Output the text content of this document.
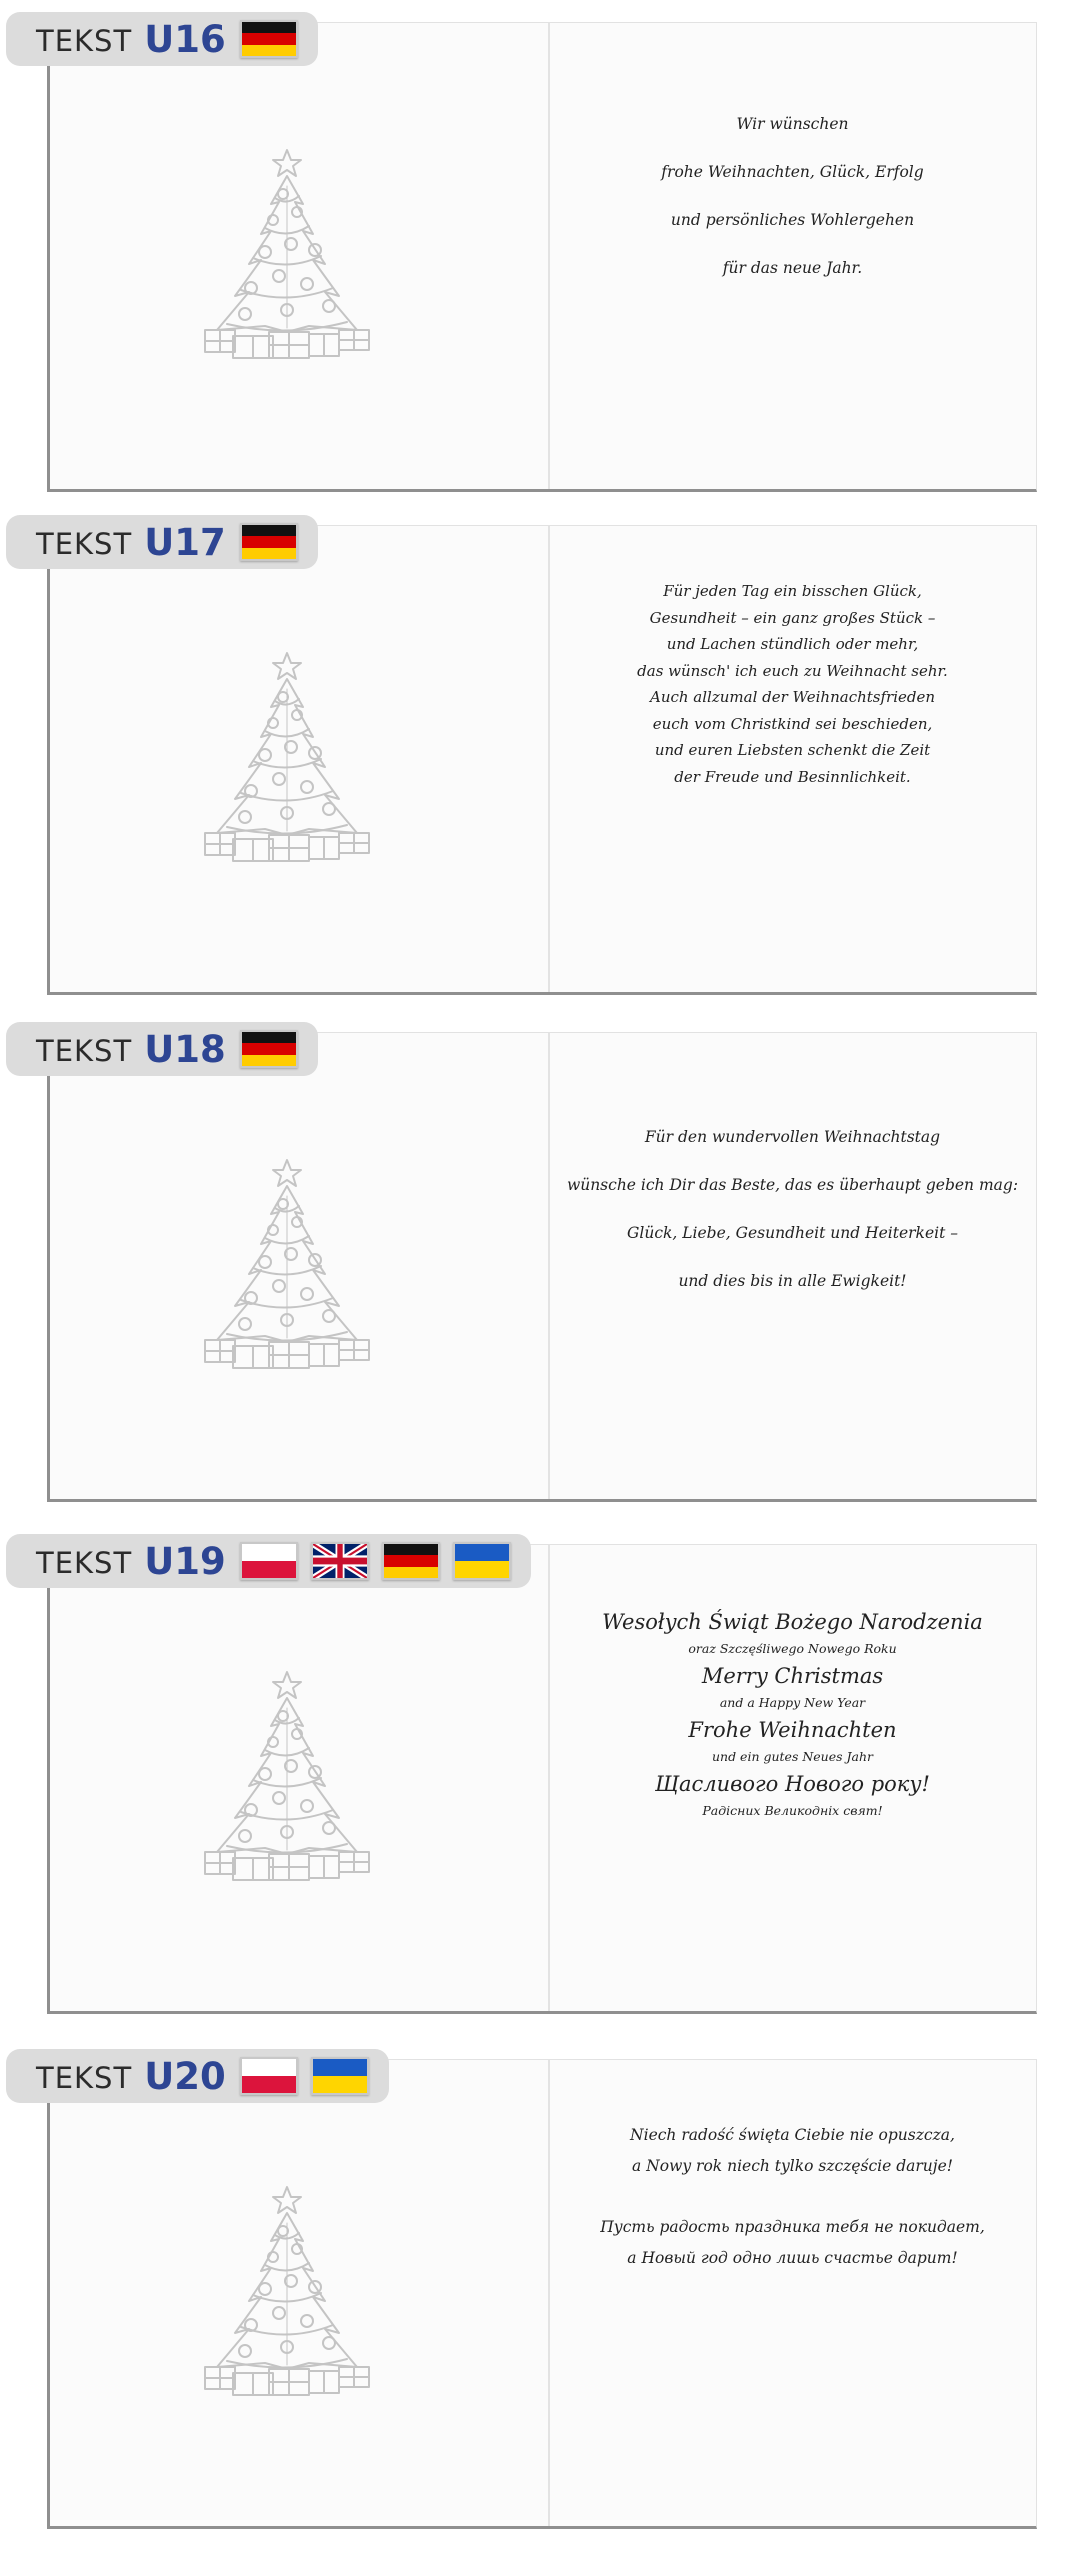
TEKST U16

Wir wünschen

frohe Weihnachten, Glück, Erfolg

und persönliches Wohlergehen

für das neue Jahr.

TEKST U17

Für jeden Tag ein bisschen Glück,

Gesundheit – ein ganz großes Stück –

und Lachen stündlich oder mehr,

das wünsch' ich euch zu Weihnacht sehr.

Auch allzumal der Weihnachtsfrieden

euch vom Christkind sei beschieden,

und euren Liebsten schenkt die Zeit

der Freude und Besinnlichkeit.

TEKST U18

Für den wundervollen Weihnachtstag

wünsche ich Dir das Beste, das es überhaupt geben mag:

Glück, Liebe, Gesundheit und Heiterkeit –

und dies bis in alle Ewigkeit!

TEKST U19

Wesołych Świąt Bożego Narodzenia

oraz Szczęśliwego Nowego Roku

Merry Christmas

and a Happy New Year

Frohe Weihnachten

und ein gutes Neues Jahr

Щасливого Нового року!

Радісних Великодніх свят!

TEKST U20

Niech radość święta Ciebie nie opuszcza,

a Nowy rok niech tylko szczęście daruje!

Пусть радость праздника тебя не покидает,

а Новый год одно лишь счастье дарит!
